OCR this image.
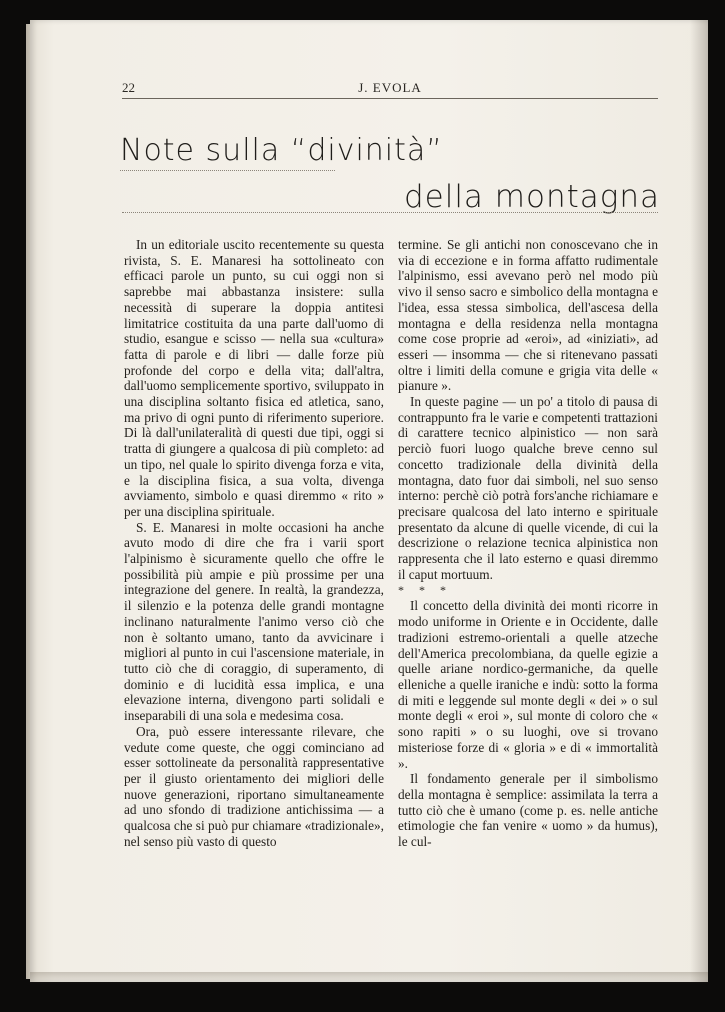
22	J. EVOLA
Note sulla “divinità”
della montagna

In un editoriale uscito recentemente su questa rivista, S. E. Manaresi ha sottolineato con efficaci parole un punto, su cui oggi non si saprebbe mai abbastanza insistere: sulla necessità di superare la doppia antitesi limitatrice costituita da una parte dall'uomo di studio, esangue e scisso — nella sua «cultura» fatta di parole e di libri — dalle forze più profonde del corpo e della vita; dall'altra, dall'uomo semplicemente sportivo, sviluppato in una disciplina soltanto fisica ed atletica, sano, ma privo di ogni punto di riferimento superiore. Di là dall'unilateralità di questi due tipi, oggi si tratta di giungere a qualcosa di più completo: ad un tipo, nel quale lo spirito divenga forza e vita, e la disciplina fisica, a sua volta, divenga avviamento, simbolo e quasi diremmo « rito » per una disciplina spirituale.

S. E. Manaresi in molte occasioni ha anche avuto modo di dire che fra i varii sport l'alpinismo è sicuramente quello che offre le possibilità più ampie e più prossime per una integrazione del genere. In realtà, la grandezza, il silenzio e la potenza delle grandi montagne inclinano naturalmente l'animo verso ciò che non è soltanto umano, tanto da avvicinare i migliori al punto in cui l'ascensione materiale, in tutto ciò che di coraggio, di superamento, di dominio e di lucidità essa implica, e una elevazione interna, divengono parti solidali e inseparabili di una sola e medesima cosa.

Ora, può essere interessante rilevare, che vedute come queste, che oggi cominciano ad esser sottolineate da personalità rappresentative per il giusto orientamento dei migliori delle nuove generazioni, riportano simultaneamente ad uno sfondo di tradizione antichissima — a qualcosa che si può pur chiamare «tradizionale», nel senso più vasto di questo

termine. Se gli antichi non conoscevano che in via di eccezione e in forma affatto rudimentale l'alpinismo, essi avevano però nel modo più vivo il senso sacro e simbolico della montagna e l'idea, essa stessa simbolica, dell'ascesa della montagna e della residenza nella montagna come cose proprie ad «eroi», ad «iniziati», ad esseri — insomma — che si ritenevano passati oltre i limiti della comune e grigia vita delle « pianure ».

In queste pagine — un po' a titolo di pausa di contrappunto fra le varie e competenti trattazioni di carattere tecnico alpinistico — non sarà perciò fuori luogo qualche breve cenno sul concetto tradizionale della divinità della montagna, dato fuor dai simboli, nel suo senso interno: perchè ciò potrà fors'anche richiamare e precisare qualcosa del lato interno e spirituale presentato da alcune di quelle vicende, di cui la descrizione o relazione tecnica alpinistica non rappresenta che il lato esterno e quasi diremmo il caput mortuum.

* * *

Il concetto della divinità dei monti ricorre in modo uniforme in Oriente e in Occidente, dalle tradizioni estremo-orientali a quelle atzeche dell'America precolombiana, da quelle egizie a quelle ariane nordico-germaniche, da quelle elleniche a quelle iraniche e indù: sotto la forma di miti e leggende sul monte degli « dei » o sul monte degli « eroi », sul monte di coloro che « sono rapiti » o su luoghi, ove si trovano misteriose forze di « gloria » e di « immortalità ».

Il fondamento generale per il simbolismo della montagna è semplice: assimilata la terra a tutto ciò che è umano (come p. es. nelle antiche etimologie che fan venire « uomo » da humus), le cul-
